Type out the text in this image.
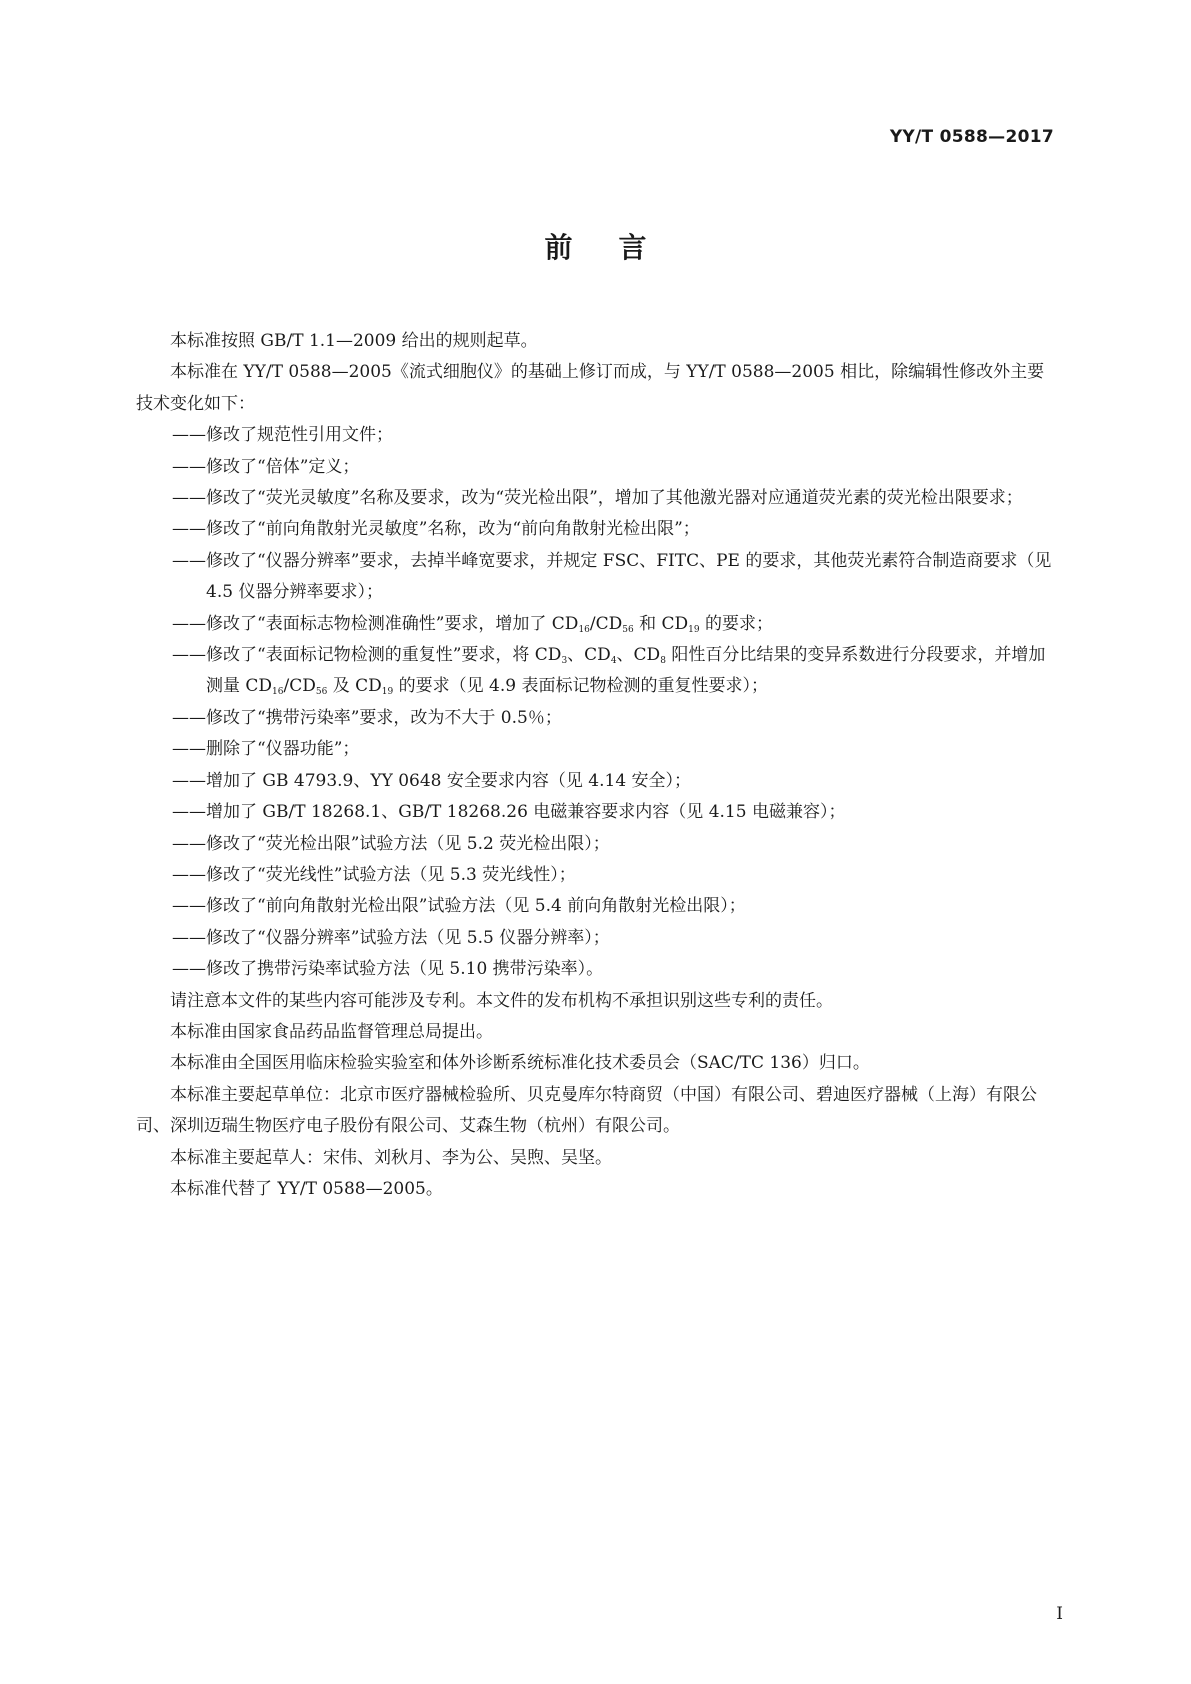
YY/T 0588—2017
前言

本标准按照 GB/T 1.1—2009 给出的规则起草。

本标准在 YY/T 0588—2005《流式细胞仪》的基础上修订而成，与 YY/T 0588—2005 相比，除编辑性修改外主要技术变化如下：

——修改了规范性引用文件；

——修改了“倍体”定义；

——修改了“荧光灵敏度”名称及要求，改为“荧光检出限”，增加了其他激光器对应通道荧光素的荧光检出限要求；

——修改了“前向角散射光灵敏度”名称，改为“前向角散射光检出限”；

——修改了“仪器分辨率”要求，去掉半峰宽要求，并规定 FSC、FITC、PE 的要求，其他荧光素符合制造商要求（见 4.5 仪器分辨率要求）；

——修改了“表面标志物检测准确性”要求，增加了 $CD_{16}/CD_{56}$ 和 $CD_{19}$ 的要求；

——修改了“表面标记物检测的重复性”要求，将 $CD_3$、$CD_4$、$CD_8$ 阳性百分比结果的变异系数进行分段要求，并增加测量 $CD_{16}/CD_{56}$ 及 $CD_{19}$ 的要求（见 4.9 表面标记物检测的重复性要求）；

——修改了“携带污染率”要求，改为不大于 0.5％；

——删除了“仪器功能”；

——增加了 GB 4793.9、YY 0648 安全要求内容（见 4.14 安全）；

——增加了 GB/T 18268.1、GB/T 18268.26 电磁兼容要求内容（见 4.15 电磁兼容）；

——修改了“荧光检出限”试验方法（见 5.2 荧光检出限）；

——修改了“荧光线性”试验方法（见 5.3 荧光线性）；

——修改了“前向角散射光检出限”试验方法（见 5.4 前向角散射光检出限）；

——修改了“仪器分辨率”试验方法（见 5.5 仪器分辨率）；

——修改了携带污染率试验方法（见 5.10 携带污染率）。

请注意本文件的某些内容可能涉及专利。本文件的发布机构不承担识别这些专利的责任。

本标准由国家食品药品监督管理总局提出。

本标准由全国医用临床检验实验室和体外诊断系统标准化技术委员会（SAC/TC 136）归口。

本标准主要起草单位：北京市医疗器械检验所、贝克曼库尔特商贸（中国）有限公司、碧迪医疗器械（上海）有限公司、深圳迈瑞生物医疗电子股份有限公司、艾森生物（杭州）有限公司。

本标准主要起草人：宋伟、刘秋月、李为公、吴煦、吴坚。

本标准代替了 YY/T 0588—2005。

I
